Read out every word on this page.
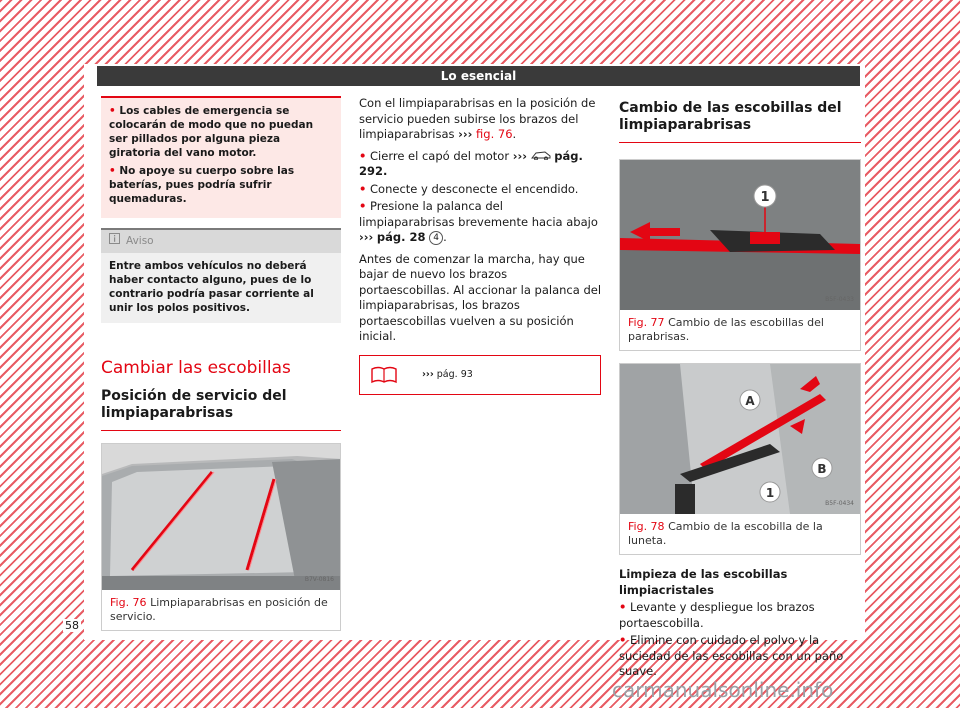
Lo esencial
• Los cables de emergencia se colocarán de modo que no puedan ser pillados por alguna pieza giratoria del vano motor.
• No apoye su cuerpo sobre las baterías, pues podría sufrir quemaduras.
Aviso
Entre ambos vehículos no deberá haber contacto alguno, pues de lo contrario podría pasar corriente al unir los polos positivos.
Cambiar las escobillas
Posición de servicio del limpiaparabrisas
B7V-0816
Fig. 76 Limpiaparabrisas en posición de servicio.

Con el limpiaparabrisas en la posición de servicio pueden subirse los brazos del limpiaparabrisas ››› fig. 76.

• Cierre el capó del motor ››› pág. 292.
• Conecte y desconecte el encendido.
• Presione la palanca del limpiaparabrisas brevemente hacia abajo ››› pág. 28 4 .

Antes de comenzar la marcha, hay que bajar de nuevo los brazos portaescobillas. Al accionar la palanca del limpiaparabrisas, los brazos portaescobillas vuelven a su posición inicial.

››› pág. 93
Cambio de las escobillas del limpiaparabrisas
1
B5F-0433
Fig. 77 Cambio de las escobillas del parabrisas.
A
B
1
B5F-0434
Fig. 78 Cambio de la escobilla de la luneta.
Limpieza de las escobillas limpiacristales
• Levante y despliegue los brazos portaescobilla.
• Elimine con cuidado el polvo y la suciedad de las escobillas con un paño suave.
58
carmanualsonline.info
